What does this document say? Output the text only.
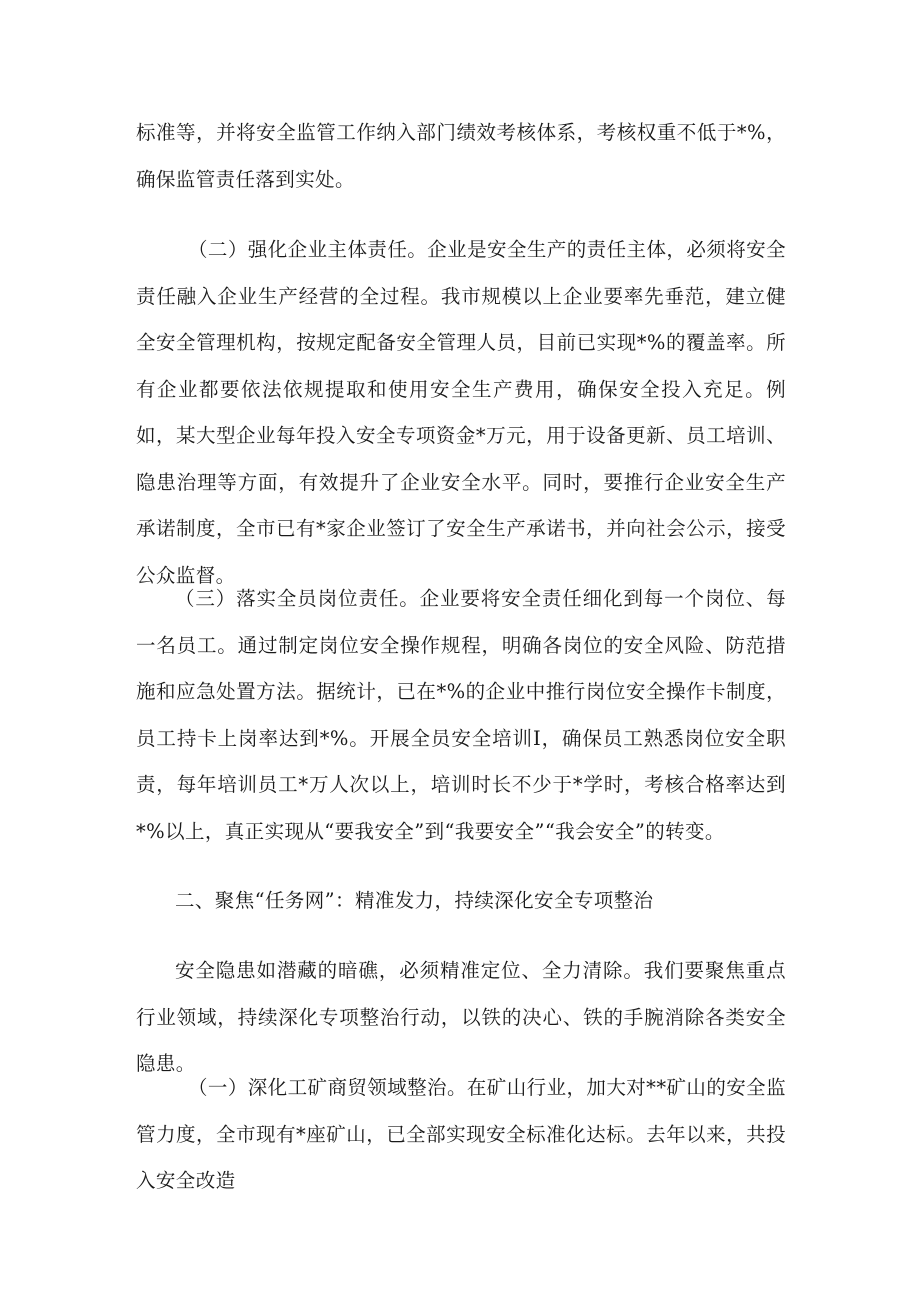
标准等，并将安全监管工作纳入部门绩效考核体系，考核权重不低于*%，确保监管责任落到实处。

（二）强化企业主体责任。企业是安全生产的责任主体，必须将安全责任融入企业生产经营的全过程。我市规模以上企业要率先垂范，建立健全安全管理机构，按规定配备安全管理人员，目前已实现*%的覆盖率。所有企业都要依法依规提取和使用安全生产费用，确保安全投入充足。例如，某大型企业每年投入安全专项资金*万元，用于设备更新、员工培训、隐患治理等方面，有效提升了企业安全水平。同时，要推行企业安全生产承诺制度，全市已有*家企业签订了安全生产承诺书，并向社会公示，接受公众监督。

（三）落实全员岗位责任。企业要将安全责任细化到每一个岗位、每一名员工。通过制定岗位安全操作规程，明确各岗位的安全风险、防范措施和应急处置方法。据统计，已在*%的企业中推行岗位安全操作卡制度，员工持卡上岗率达到*%。开展全员安全培训I，确保员工熟悉岗位安全职责，每年培训员工*万人次以上，培训时长不少于*学时，考核合格率达到*%以上，真正实现从“要我安全”到“我要安全”“我会安全”的转变。

二、聚焦“任务网”：精准发力，持续深化安全专项整治

安全隐患如潜藏的暗礁，必须精准定位、全力清除。我们要聚焦重点行业领域，持续深化专项整治行动，以铁的决心、铁的手腕消除各类安全隐患。

（一）深化工矿商贸领域整治。在矿山行业，加大对**矿山的安全监管力度，全市现有*座矿山，已全部实现安全标准化达标。去年以来，共投入安全改造
